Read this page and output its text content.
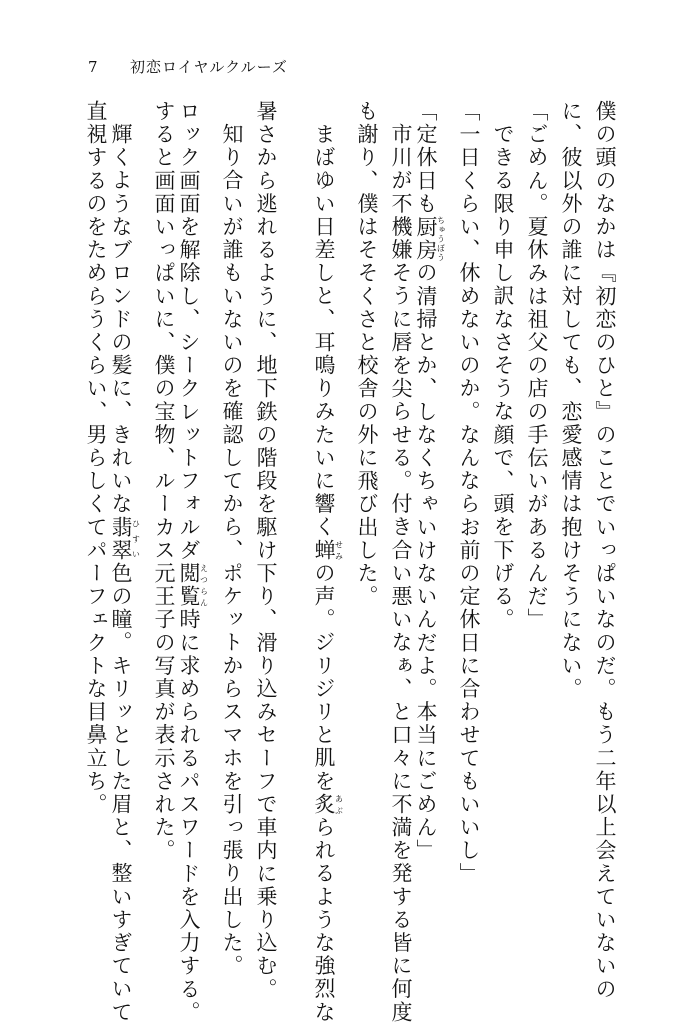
7	初恋ロイヤルクルーズ
僕の頭のなかは『初恋のひと』のことでいっぱいなのだ。もう二年以上会えていないの
に、彼以外の誰に対しても、恋愛感情は抱けそうにない。
「ごめん。夏休みは祖父の店の手伝いがあるんだ」
できる限り申し訳なさそうな顔で、頭を下げる。
「一日くらい、休めないのか。なんならお前の定休日に合わせてもいいし」
「定休日も厨房ちゅうぼうの清掃とか、しなくちゃいけないんだよ。本当にごめん」
市川が不機嫌そうに唇を尖らせる。付き合い悪いなぁ、と口々に不満を発する皆に何度
も謝り、僕はそそくさと校舎の外に飛び出した。
まばゆい日差しと、耳鳴りみたいに響く蝉せみの声。ジリジリと肌を炙あぶられるような強烈な
暑さから逃れるように、地下鉄の階段を駆け下り、滑り込みセーフで車内に乗り込む。
知り合いが誰もいないのを確認してから、ポケットからスマホを引っ張り出した。
ロック画面を解除し、シークレットフォルダ閲覧えつらん時に求められるパスワードを入力する。
すると画面いっぱいに、僕の宝物、ルーカス元王子の写真が表示された。
輝くようなブロンドの髪に、きれいな翡翠ひすい色の瞳。キリッとした眉と、整いすぎていて
直視するのをためらうくらい、男らしくてパーフェクトな目鼻立ち。
